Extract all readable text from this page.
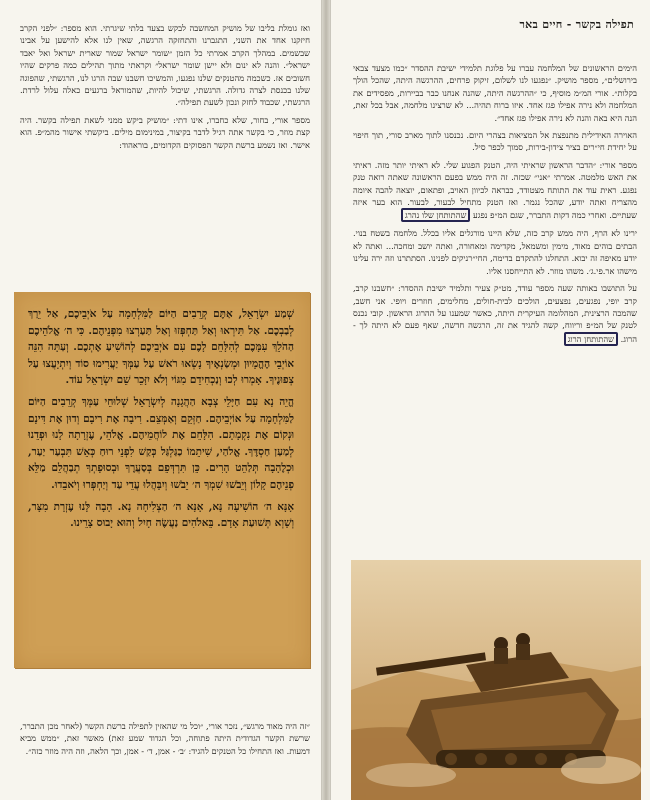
ואז גומלת בליבו של מושיק המחשבה לבקש בצעד בלתי שיגרתי. הוא מספר: ״לפני הקרב חיזקנו אחד את השני, התגברנו והתחזקה הרגשה, שאין לנו אלא להישען על אבינו שבשמים. במהלך הקרב אמרתי כל הזמן ״שומר ישראל שמור שארית ישראל ואל יאבד ישראל״. והנה לא ינום ולא יישן שומר ישראל״ וקראתי מתוך תהילים כמה פרקים שהיו חשובים אז. כשכמה מהטנקים שלנו נפגעו, והמשיכו חשבנו שבה הרגו לנו, הרגשתי, שהפוגה שלנו בכנסת לצרה גדולה. הרגשתי, שיכול להיות, שהמוראל ברגעים כאלה עלול לרדת. הרגשתי, שכבוד לחזק ונכון לשעת תפילה״.

מספר אורי, בחור, שלא כחברו, אינו דתי: ״מושיק ביקש ממני לשאת תפילה בקשר. היה קצת מוזר, כי בקשר אתה רגיל לדבר בקיצור, במינימום מילים. ביקשתי אישור מהמ״פ. הוא אישר. ואז נשמע ברשת הקשר הפסוקים הקדומים, בוראהוד:

שְׁמַע יִשְׂרָאֵל, אַתֶּם קְרֵבִים הַיּוֹם לַמִּלְחָמָה עַל אֹיְבֵיכֶם, אַל יֵרַךְ לְבַבְכֶם. אַל תִּירְאוּ וְאַל תַּחְפְּזוּ וְאַל תַּעַרְצוּ מִפְּנֵיהֶם. כִּי ה׳ אֱלֹהֵיכֶם הַהֹלֵךְ עִמָּכֶם לְהִלָּחֵם לָכֶם עִם אֹיְבֵיכֶם לְהוֹשִׁיעַ אֶתְכֶם. וְעַתָּה הִנֵּה אוֹיְבֵי הֶהֱמָיוּן וּמְשַׂנְאֶיךָ נָשְׂאוּ רֹאשׁ עַל עַמְּךָ יַעֲרִימוּ סוֹד וְיִתְיָעֲצוּ עַל צְפוּנֶיךָ. אָמְרוּ לְכוּ וְנַכְחִידֵם מִגּוֹי וְלֹא יִזָּכֵר שֵׁם יִשְׂרָאֵל עוֹד.

הֱיֵה נָא עִם חַיָּלֵי צְבָא הַהֲגָנָה לְיִשְׂרָאֵל שְׁלוּחֵי עַמְּךָ קְרֵבִים הַיּוֹם לַמִּלְחָמָה עַל אוֹיְבֵיהֶם. חַזְּקֵם וְאַמְּצֵם. רִיבָה אֶת רִיבָם וְדוּן אֶת דִּינָם וּנְקוֹם אֶת נִקְמָתָם. הִלָּחֵם אֶת לוֹחֲמֵיהֶם. אֱלֹהֵי, עֶזְרָתָה לָנוּ וּפְדֵנוּ לְמַעַן חַסְדֶּךָ. אֱלֹהַי, שִׁיתֵמוֹ כַגַּלְגַּל כְּקַשׁ לִפְנֵי רוּחַ כְּאֵשׁ תִּבְעַר יַעַר, וּכְלֶהָבָה תְּלַהֵט הָרִים. כֵּן תִּרְדְּפֵם בְּסַעֲרֶךָ וּבְסוּפָתְךָ תְבַהֲלֵם מַלֵּא פְנֵיהֶם קָלוֹן וְיֵבֹשׁוּ שִׁמְךָ ה׳ יֵבֹשׁוּ וְיִבָּהֲלוּ עֲדֵי עַד וְיַחְפְּרוּ וְיֹאבֵדוּ.

אָנָּא ה׳ הוֹשִׁיעָה נָּא, אָנָּא ה׳ הַצְלִיחָה נָא. הָבָה לָּנוּ עֶזְרָת מִצָּר, וְשָׁוְא תְּשׁוּעַת אָדָם. בֵּאלֹהִים נַעֲשֶׂה חָיִל וְהוּא יָבוּס צָרֵינוּ.

״זה היה מאוד מרגש״, נזכר אורי, ״וכל מי שהאזין לתפילה ברשת הקשר (לאחר מכן התברר, שרשת הקשר הגדודית היתה פתוחה, וכל הגדוד שמע זאת) מאשר זאת, ״ממש מביא דמעות. ואז התחילו כל הטנקים להגיד: ׳ב׳ - אמן, ד׳ - אמן, וכך הלאה, וזה היה מוזר כזה״.

תפילה בקשר - חיים באר

הימים הראשונים של המלחמה עברו על פלוגת תלמידי ישיבת ההסדר ״כמו מצעד צבאי בירושלים״, מספר מושיק. ״נפגעו לנו לשלום, זיקוק פרחים, ההרגשה היתה, שהכל הולך בקלות״. אורי המ״מ מוסיף, כי ״ההרגשה היתה, שהנה אנחנו כבר בביירות, מפסידים את המלחמה ולא נירה אפילו פגז אחד. איזו ברוח תהיה... לא שרצינו מלחמה, אבל בכל זאת, הנה היא באה והנה לא נירה אפילו פגז אחד״.

האוירה האידילית מתנפצת אל המציאות בצהרי היום. נכנסנו לתוך מארב סורי, תוך חיפוי על יחידת חי״רים בציר צידון-בירות, סמוך לכפר סיל.

מספר אורי: ״הדבר הראשון שראיתי היה, הטנק הפגוע שלי. לא ראיתי יותר מזה. ראיתי את האש מלמטה. אמרתי ״אני״ שכזה. זה היה ממש בפעם הראשונה שאתה רואה טנק נפגע. ראית עוד את התותח מצטודד, כבראה לכיוון האויב, ופתאום, יוצאה להבה איומה מהצריח ואתה יודע, שהכל נגמר. ואז הטנק מתחיל לבעור, לבעור. הוא בער איזה שעתיים. ואחרי כמה דקות התברר, שגם המ״פ נפגע שהתותחן שלו נהרג

ירינו לא הרף, היה ממש קרב כזה, שלא היינו מורגלים אליו בכלל. מלחמה בשטח בנוי. הבתים בוהים מאוד, מימין ומשמאל, מקדימה ומאחורה, ואתה יושב ומחכה... ואתה לא יודע מאיפה זה יבוא. התחלנו להתקדם בדימה, החי״רניקים לפנינו. הסתתרנו וזה ירה עלינו מישהו אר.פי.ג׳. משהו מוזר. לא התייחסנו אליו.

על התושבו באותה שעה מספר עודד, מט״ק צעיר ותלמיד ישיבת ההסדר: ״חשבנו קרב, קרב יופי, נפגעים, נפצעים, הולכים לבית-חולים, מחלימים, חוזרים ויופי. אני חשב, שהמכה הרצינית, המהלומה העיקרית היתה, כאשר שמענו על ההרוג הראשון. קובי נכנס לטנק של המ״פ וריווח, קשה להגיד את זה, הרגשה חדשה, שאף פעם לא היתה לך - הרוג. שהתותחן הרוג
